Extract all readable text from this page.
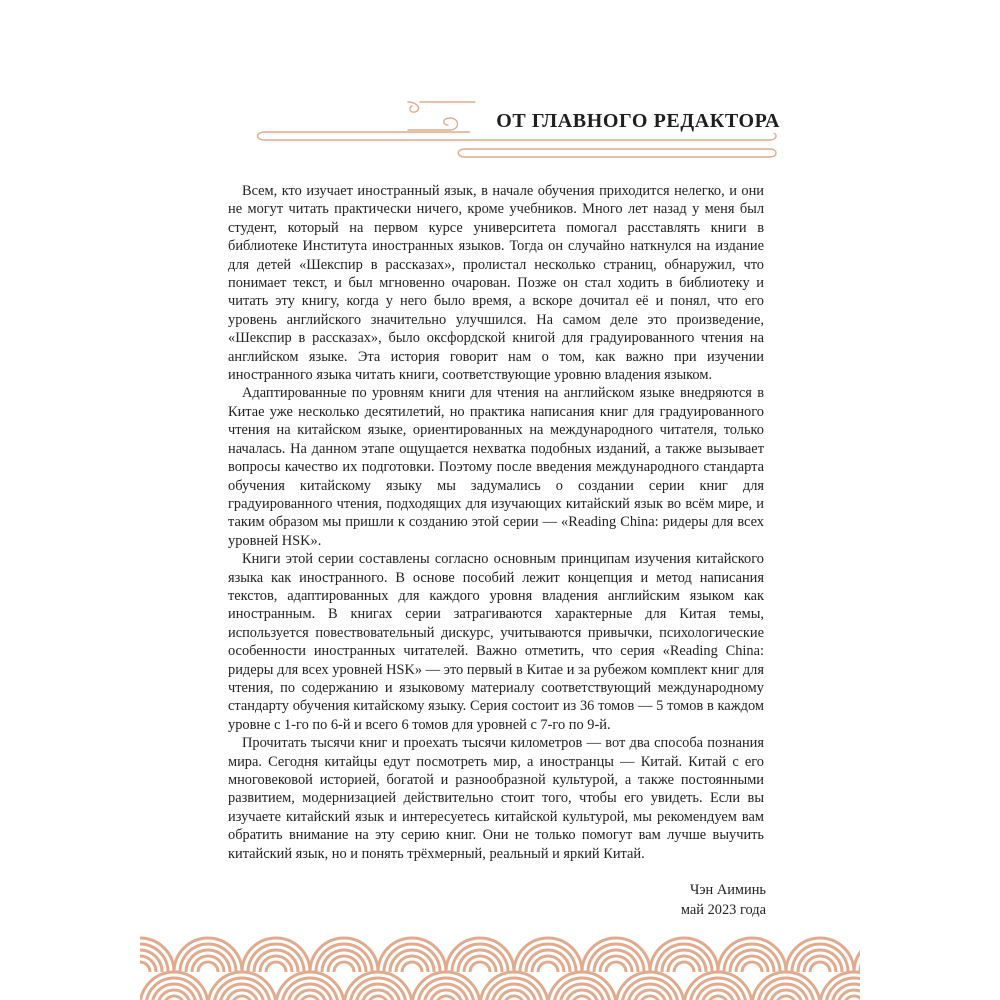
ОТ ГЛАВНОГО РЕДАКТОРА

Всем, кто изучает иностранный язык, в начале обучения приходится нелегко, и они не могут читать практически ничего, кроме учебников. Много лет назад у меня был студент, который на первом курсе университета помогал расставлять книги в библиотеке Института иностранных языков. Тогда он случайно наткнулся на издание для детей «Шекспир в рассказах», пролистал несколько страниц, обнаружил, что понимает текст, и был мгновенно очарован. Позже он стал ходить в библиотеку и читать эту книгу, когда у него было время, а вскоре дочитал её и понял, что его уровень английского значительно улучшился. На самом деле это произведение, «Шекспир в рассказах», было оксфордской книгой для градуированного чтения на английском языке. Эта история говорит нам о том, как важно при изучении иностранного языка читать книги, соответствующие уровню владения языком.

Адаптированные по уровням книги для чтения на английском языке внедряются в Китае уже несколько десятилетий, но практика написания книг для градуированного чтения на китайском языке, ориентированных на международного читателя, только началась. На данном этапе ощущается нехватка подобных изданий, а также вызывает вопросы качество их подготовки. Поэтому после введения международного стандарта обучения китайскому языку мы задумались о создании серии книг для градуированного чтения, подходящих для изучающих китайский язык во всём мире, и таким образом мы пришли к созданию этой серии — «Reading China: ридеры для всех уровней HSK».

Книги этой серии составлены согласно основным принципам изучения китайского языка как иностранного. В основе пособий лежит концепция и метод написания текстов, адаптированных для каждого уровня владения английским языком как иностранным. В книгах серии затрагиваются характерные для Китая темы, используется повествовательный дискурс, учитываются привычки, психологические особенности иностранных читателей. Важно отметить, что серия «Reading China: ридеры для всех уровней HSK» — это первый в Китае и за рубежом комплект книг для чтения, по содержанию и языковому материалу соответствующий международному стандарту обучения китайскому языку. Серия состоит из 36 томов — 5 томов в каждом уровне с 1-го по 6-й и всего 6 томов для уровней с 7-го по 9-й.

Прочитать тысячи книг и проехать тысячи километров — вот два способа познания мира. Сегодня китайцы едут посмотреть мир, а иностранцы — Китай. Китай с его многовековой историей, богатой и разнообразной культурой, а также постоянными развитием, модернизацией действительно стоит того, чтобы его увидеть. Если вы изучаете китайский язык и интересуетесь китайской культурой, мы рекомендуем вам обратить внимание на эту серию книг. Они не только помогут вам лучше выучить китайский язык, но и понять трёхмерный, реальный и яркий Китай.

Чэн Аиминь
май 2023 года
